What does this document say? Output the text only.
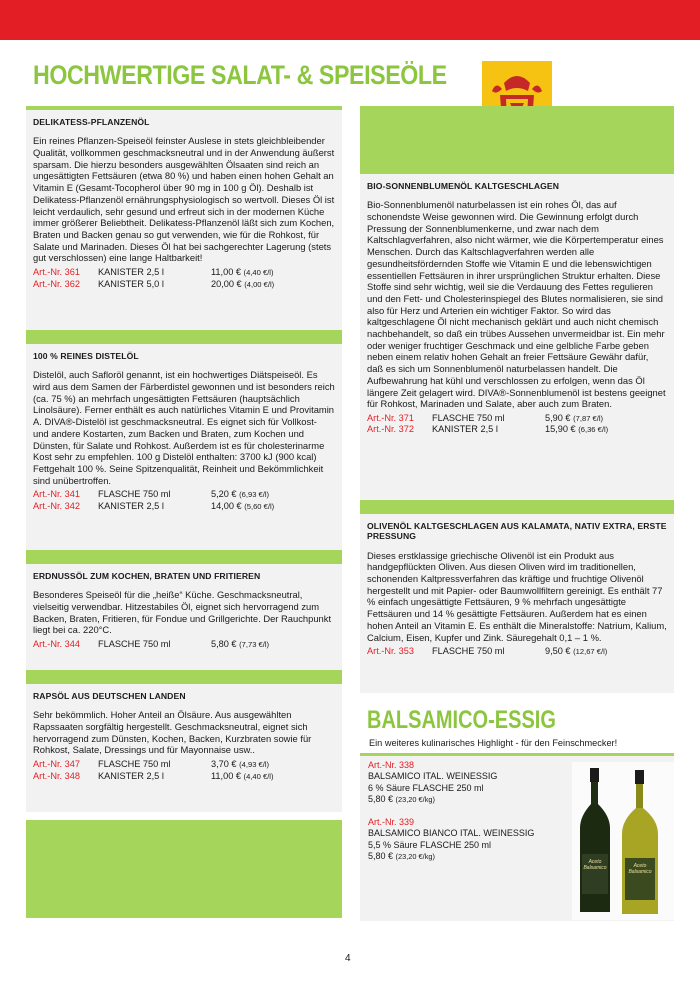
HOCHWERTIGE SALAT- & SPEISEÖLE
DELIKATESS-PFLANZENÖL

Ein reines Pflanzen-Speiseöl feinster Auslese in stets gleichbleibender Qualität, vollkommen geschmacksneutral und in der Anwendung äußerst sparsam. Die hierzu besonders ausgewählten Ölsaaten sind reich an ungesättigten Fettsäuren (etwa 80 %) und haben einen hohen Gehalt an Vitamin E (Gesamt-Tocopherol über 90 mg in 100 g Öl). Deshalb ist Delikatess-Pflanzenöl ernährungsphysiologisch so wertvoll. Dieses Öl ist leicht verdaulich, sehr gesund und erfreut sich in der modernen Küche immer größerer Beliebtheit. Delikatess-Pflanzenöl läßt sich zum Kochen, Braten und Backen genau so gut verwenden, wie für die Rohkost, für Salate und Marinaden. Dieses Öl hat bei sachgerechter Lagerung (stets gut verschlossen) eine lange Haltbarkeit!

Art.-Nr. 361	KANISTER 2,5 l	11,00 €
(4,40 €/l)
Art.-Nr. 362	KANISTER 5,0 l	20,00 €
(4,00 €/l)
100 % REINES DISTELÖL

Distelöl, auch Safloröl genannt, ist ein hochwertiges Diätspeiseöl. Es wird aus dem Samen der Färberdistel gewonnen und ist besonders reich (ca. 75 %) an mehrfach ungesättigten Fettsäuren (hauptsächlich Linolsäure). Ferner enthält es auch natürliches Vitamin E und Provitamin A. DIVA®-Distelöl ist geschmacksneutral. Es eignet sich für Vollkost- und andere Kostarten, zum Backen und Braten, zum Kochen und Dünsten, für Salate und Rohkost. Außerdem ist es für cholesterinarme Kost sehr zu empfehlen. 100 g Distelöl enthalten: 3700 kJ (900 kcal) Fettgehalt 100 %. Seine Spitzenqualität, Reinheit und Bekömmlichkeit sind unübertroffen.

Art.-Nr. 341	FLASCHE 750 ml	5,20 €
(6,93 €/l)
Art.-Nr. 342	KANISTER 2,5 l	14,00 €
(5,60 €/l)
ERDNUSSÖL ZUM KOCHEN, BRATEN UND FRITIEREN

Besonderes Speiseöl für die „heiße“ Küche. Geschmacksneutral, vielseitig verwendbar. Hitzestabiles Öl, eignet sich hervorragend zum Backen, Braten, Fritieren, für Fondue und Grillgerichte. Der Rauchpunkt liegt bei ca. 220°C.

Art.-Nr. 344	FLASCHE 750 ml	5,80 €
(7,73 €/l)
RAPSÖL AUS DEUTSCHEN LANDEN

Sehr bekömmlich. Hoher Anteil an Ölsäure. Aus ausgewählten Rapssaaten sorgfältig hergestellt. Geschmacksneutral, eignet sich hervorragend zum Dünsten, Kochen, Backen, Kurzbraten sowie für Rohkost, Salate, Dressings und für Mayonnaise usw..

Art.-Nr. 347	FLASCHE 750 ml	3,70 €
(4,93 €/l)
Art.-Nr. 348	KANISTER 2,5 l	11,00 €
(4,40 €/l)
BIO-SONNENBLUMENÖL KALTGESCHLAGEN

Bio-Sonnenblumenöl naturbelassen ist ein rohes Öl, das auf schonendste Weise gewonnen wird. Die Gewinnung erfolgt durch Pressung der Sonnenblumenkerne, und zwar nach dem Kaltschlagverfahren, also nicht wärmer, wie die Körpertemperatur eines Menschen. Durch das Kaltschlagverfahren werden alle gesundheitsfördernden Stoffe wie Vitamin E und die lebenswichtigen essentiellen Fettsäuren in ihrer ursprünglichen Struktur erhalten. Diese Stoffe sind sehr wichtig, weil sie die Verdauung des Fettes regulieren und den Fett- und Cholesterinspiegel des Blutes normalisieren, sie sind also für Herz und Arterien ein wichtiger Faktor. So wird das kaltgeschlagene Öl nicht mechanisch geklärt und auch nicht chemisch nachbehandelt, so daß ein trübes Aussehen unvermeidbar ist. Ein mehr oder weniger fruchtiger Geschmack und eine gelbliche Farbe geben neben einem relativ hohen Gehalt an freier Fettsäure Gewähr dafür, daß es sich um Sonnenblumenöl naturbelassen handelt. Die Aufbewahrung hat kühl und verschlossen zu erfolgen, wenn das Öl längere Zeit gelagert wird. DIVA®-Sonnenblumenöl ist bestens geeignet für Rohkost, Marinaden und Salate, aber auch zum Braten.

Art.-Nr. 371	FLASCHE 750 ml	5,90 €
(7,87 €/l)
Art.-Nr. 372	KANISTER 2,5 l	15,90 €
(6,36 €/l)
OLIVENÖL KALTGESCHLAGEN AUS KALAMATA, NATIV EXTRA, ERSTE PRESSUNG

Dieses erstklassige griechische Olivenöl ist ein Produkt aus handgepflückten Oliven. Aus diesen Oliven wird im traditionellen, schonenden Kaltpressverfahren das kräftige und fruchtige Olivenöl hergestellt und mit Papier- oder Baumwollfiltern gereinigt. Es enthält 77 % einfach ungesättigte Fettsäuren, 9 % mehrfach ungesättigte Fettsäuren und 14 % gesättigte Fettsäuren. Außerdem hat es einen hohen Anteil an Vitamin E. Es enthält die Mineralstoffe: Natrium, Kalium, Calcium, Eisen, Kupfer und Zink. Säuregehalt 0,1 – 1 %.

Art.-Nr. 353	FLASCHE 750 ml	9,50 €
(12,67 €/l)
BALSAMICO-ESSIG
Ein weiteres kulinarisches Highlight - für den Feinschmecker!
Art.-Nr. 338
BALSAMICO ITAL. WEINESSIG
6 % Säure FLASCHE 250 ml
5,80 € (23,20 €/kg)
Art.-Nr. 339
BALSAMICO BIANCO ITAL. WEINESSIG
5,5 % Säure FLASCHE 250 ml
5,80 € (23,20 €/kg)
Aceto Balsamico	Aceto Balsamico
4
